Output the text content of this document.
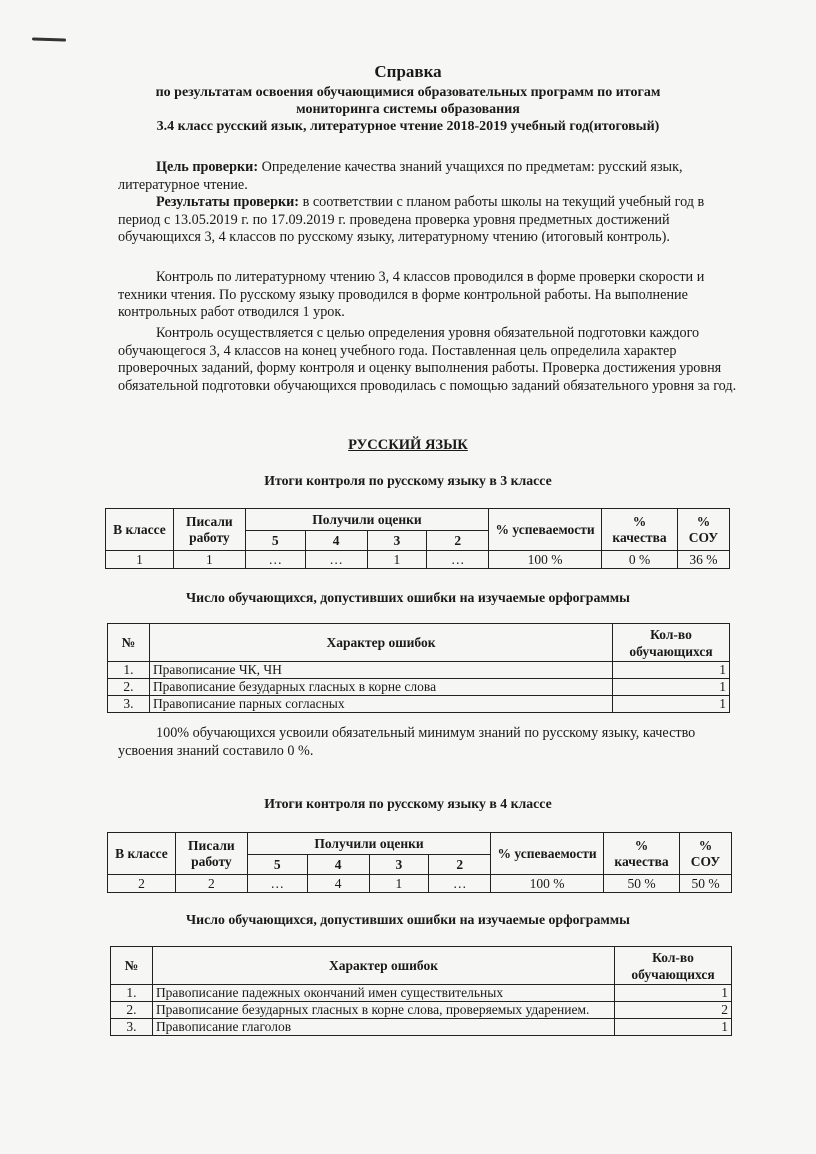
Справка
по результатам освоения обучающимися образовательных программ по итогам
мониторинга системы образования
3.4 класс русский язык, литературное чтение 2018-2019 учебный год(итоговый)
Цель проверки: Определение качества знаний учащихся по предметам: русский язык, литературное чтение.
Результаты проверки: в соответствии с планом работы школы на текущий учебный год в период с 13.05.2019 г. по 17.09.2019 г. проведена проверка уровня предметных достижений обучающихся 3, 4 классов по русскому языку, литературному чтению (итоговый контроль).
Контроль по литературному чтению 3, 4 классов проводился в форме проверки скорости и техники чтения. По русскому языку проводился в форме контрольной работы. На выполнение контрольных работ отводился 1 урок.
Контроль осуществляется с целью определения уровня обязательной подготовки каждого обучающегося 3, 4 классов на конец учебного года. Поставленная цель определила характер проверочных заданий, форму контроля и оценку выполнения работы. Проверка достижения уровня обязательной подготовки обучающихся проводилась с помощью заданий обязательного уровня за год.
РУССКИЙ ЯЗЫК
Итоги контроля по русскому языку в 3 классе
В классе	Писали работу	Получили оценки				% успеваемости	% качества	% СОУ
		5	4	3	2			
1	1	…	…	1	…	100 %	0 %	36 %
Число обучающихся, допустивших ошибки на изучаемые орфограммы
№	Характер ошибок	Кол-во обучающихся
1.	Правописание ЧК, ЧН	1
2.	Правописание безударных гласных в корне слова	1
3.	Правописание парных согласных	1
100% обучающихся усвоили обязательный минимум знаний по русскому языку, качество усвоения знаний составило 0 %.
Итоги контроля по русскому языку в 4 классе
В классе	Писали работу	Получили оценки				% успеваемости	% качества	% СОУ
		5	4	3	2			
2	2	…	4	1	…	100 %	50 %	50 %
Число обучающихся, допустивших ошибки на изучаемые орфограммы
№	Характер ошибок	Кол-во обучающихся
1.	Правописание падежных окончаний имен существительных	1
2.	Правописание безударных гласных в корне слова, проверяемых ударением.	2
3.	Правописание глаголов	1
